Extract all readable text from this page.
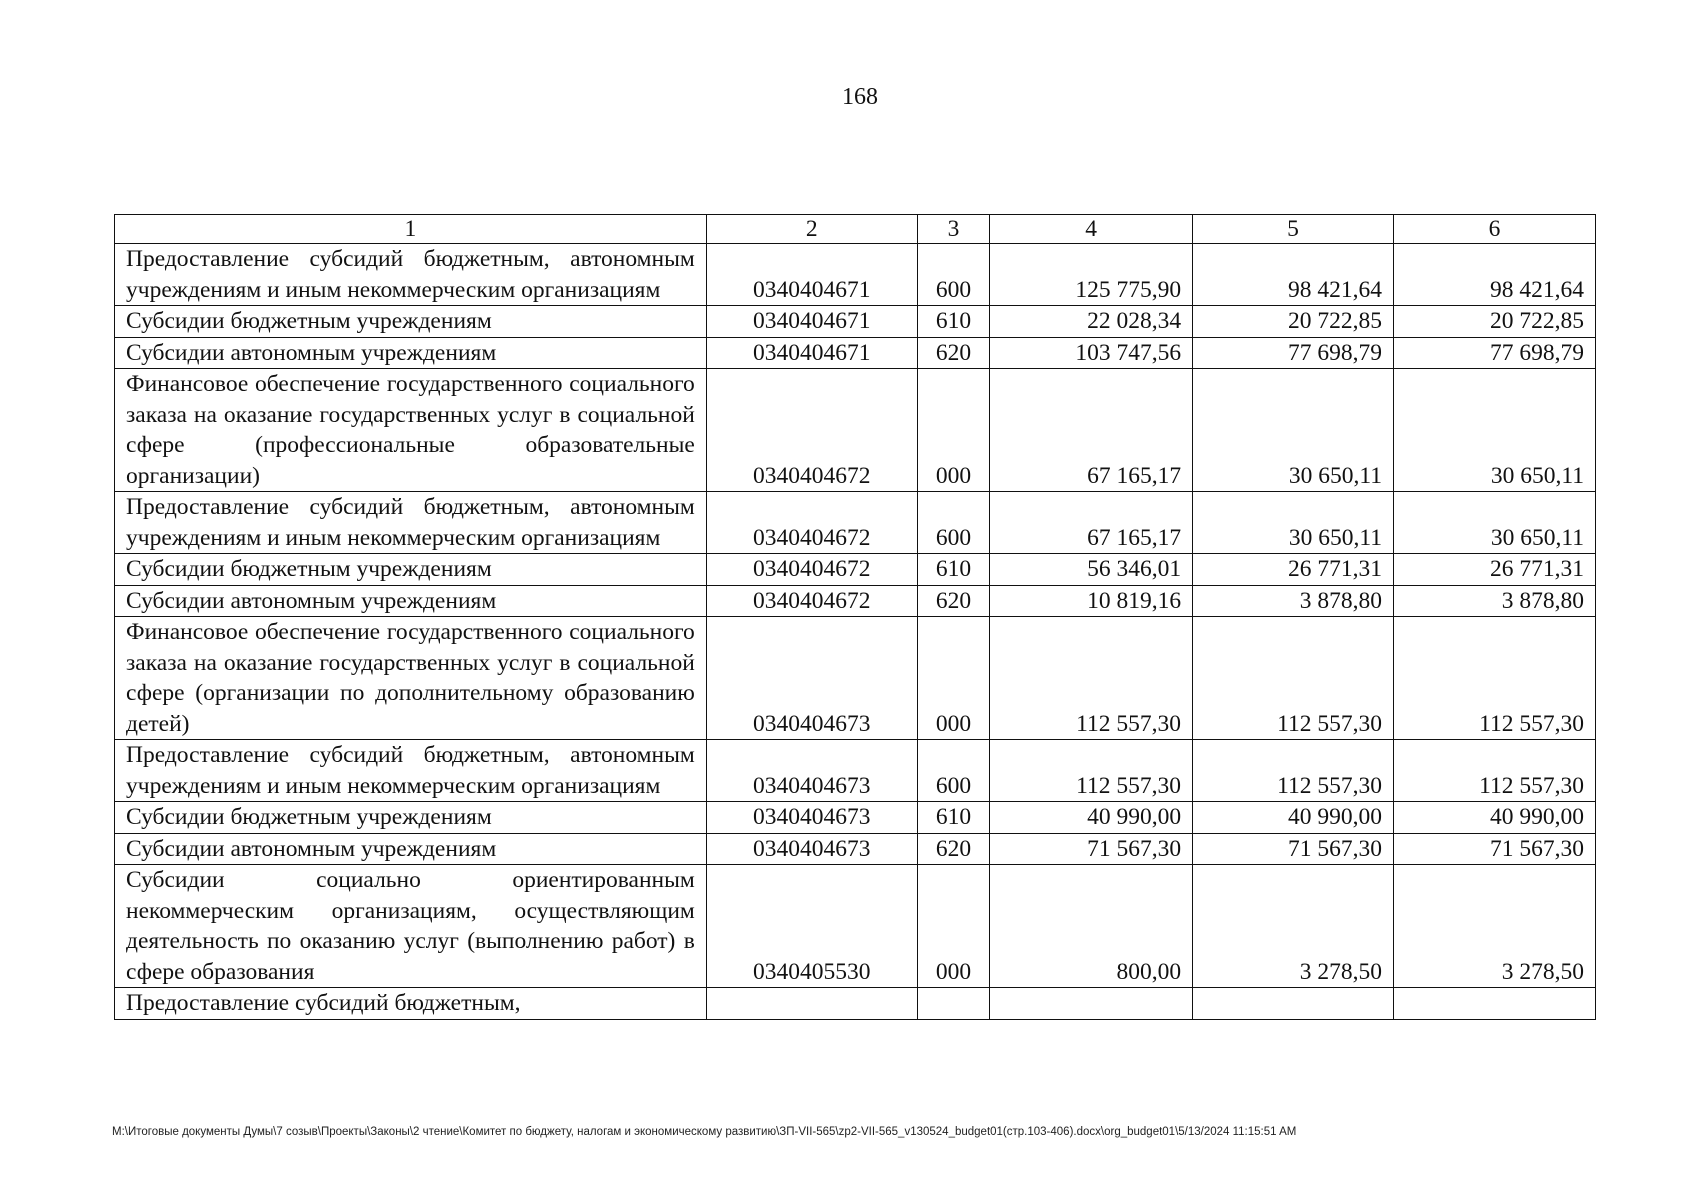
168
1	2	3	4	5	6
Предоставление субсидий бюджетным, автономным учреждениям и иным некоммерческим организациям	0340404671	600	125 775,90	98 421,64	98 421,64
Субсидии бюджетным учреждениям	0340404671	610	22 028,34	20 722,85	20 722,85
Субсидии автономным учреждениям	0340404671	620	103 747,56	77 698,79	77 698,79
Финансовое обеспечение государственного социального заказа на оказание государственных услуг в социальной сфере (профессиональные образовательные организации)	0340404672	000	67 165,17	30 650,11	30 650,11
Предоставление субсидий бюджетным, автономным учреждениям и иным некоммерческим организациям	0340404672	600	67 165,17	30 650,11	30 650,11
Субсидии бюджетным учреждениям	0340404672	610	56 346,01	26 771,31	26 771,31
Субсидии автономным учреждениям	0340404672	620	10 819,16	3 878,80	3 878,80
Финансовое обеспечение государственного социального заказа на оказание государственных услуг в социальной сфере (организации по дополнительному образованию детей)	0340404673	000	112 557,30	112 557,30	112 557,30
Предоставление субсидий бюджетным, автономным учреждениям и иным некоммерческим организациям	0340404673	600	112 557,30	112 557,30	112 557,30
Субсидии бюджетным учреждениям	0340404673	610	40 990,00	40 990,00	40 990,00
Субсидии автономным учреждениям	0340404673	620	71 567,30	71 567,30	71 567,30
Субсидии социально ориентированным некоммерческим организациям, осуществляющим деятельность по оказанию услуг (выполнению работ) в сфере образования	0340405530	000	800,00	3 278,50	3 278,50
Предоставление субсидий бюджетным,					
M:\Итоговые документы Думы\7 созыв\Проекты\Законы\2 чтение\Комитет по бюджету, налогам и экономическому развитию\ЗП-VII-565\zp2-VII-565_v130524_budget01(стр.103-406).docx\org_budget01\5/13/2024 11:15:51 AM
